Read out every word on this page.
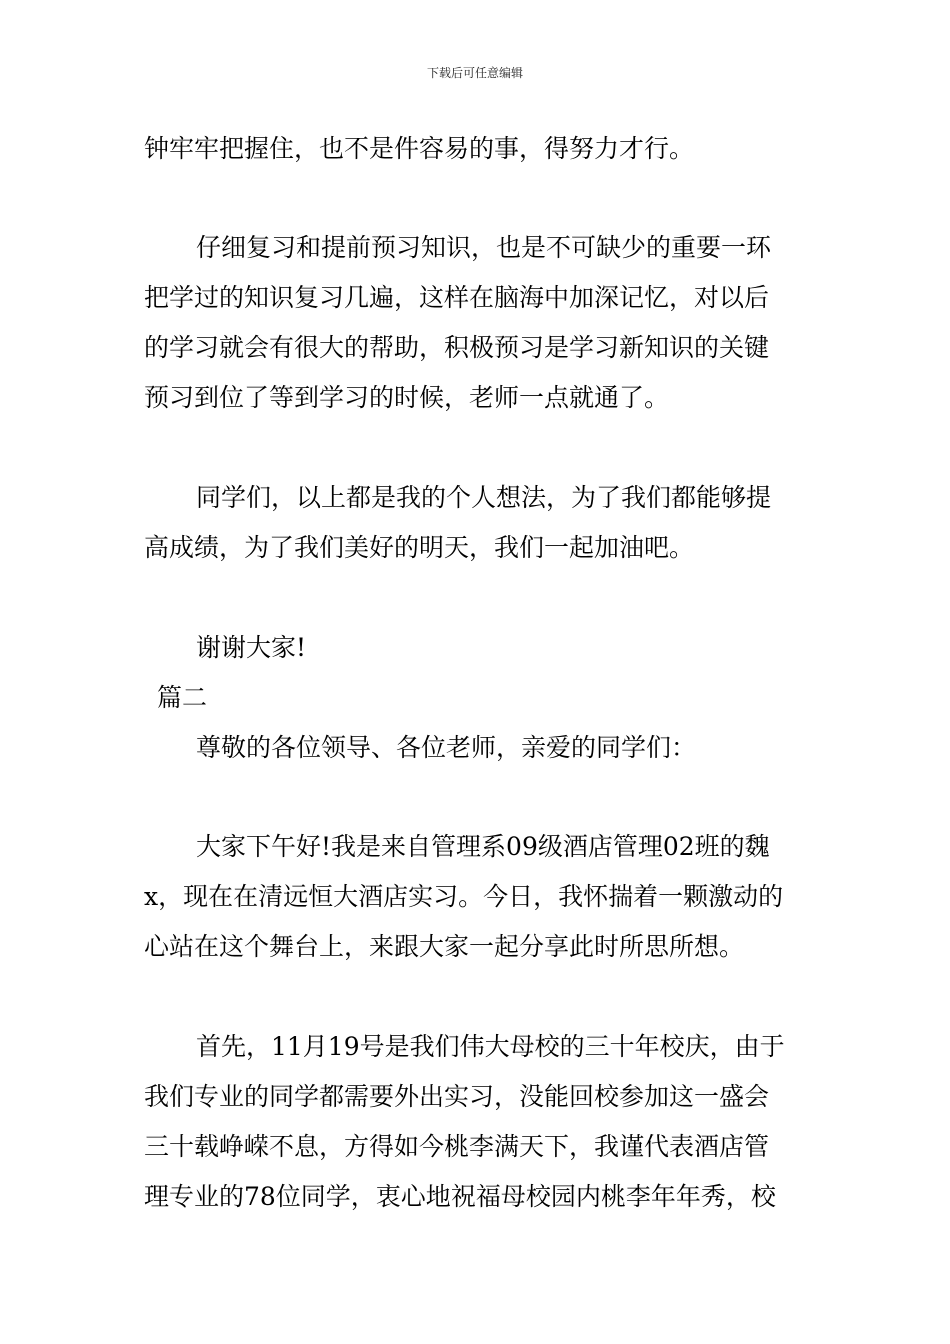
下载后可任意编辑
钟牢牢把握住，也不是件容易的事，得努力才行。
仔细复习和提前预习知识，也是不可缺少的重要一环
把学过的知识复习几遍，这样在脑海中加深记忆，对以后
的学习就会有很大的帮助，积极预习是学习新知识的关键
预习到位了等到学习的时候，老师一点就通了。
同学们，以上都是我的个人想法，为了我们都能够提
高成绩，为了我们美好的明天，我们一起加油吧。
谢谢大家!
篇二
尊敬的各位领导、各位老师，亲爱的同学们：
大家下午好!我是来自管理系09级酒店管理02班的魏
x，现在在清远恒大酒店实习。今日，我怀揣着一颗激动的
心站在这个舞台上，来跟大家一起分享此时所思所想。
首先，11月19号是我们伟大母校的三十年校庆，由于
我们专业的同学都需要外出实习，没能回校参加这一盛会
三十载峥嵘不息，方得如今桃李满天下，我谨代表酒店管
理专业的78位同学，衷心地祝福母校园内桃李年年秀，校
